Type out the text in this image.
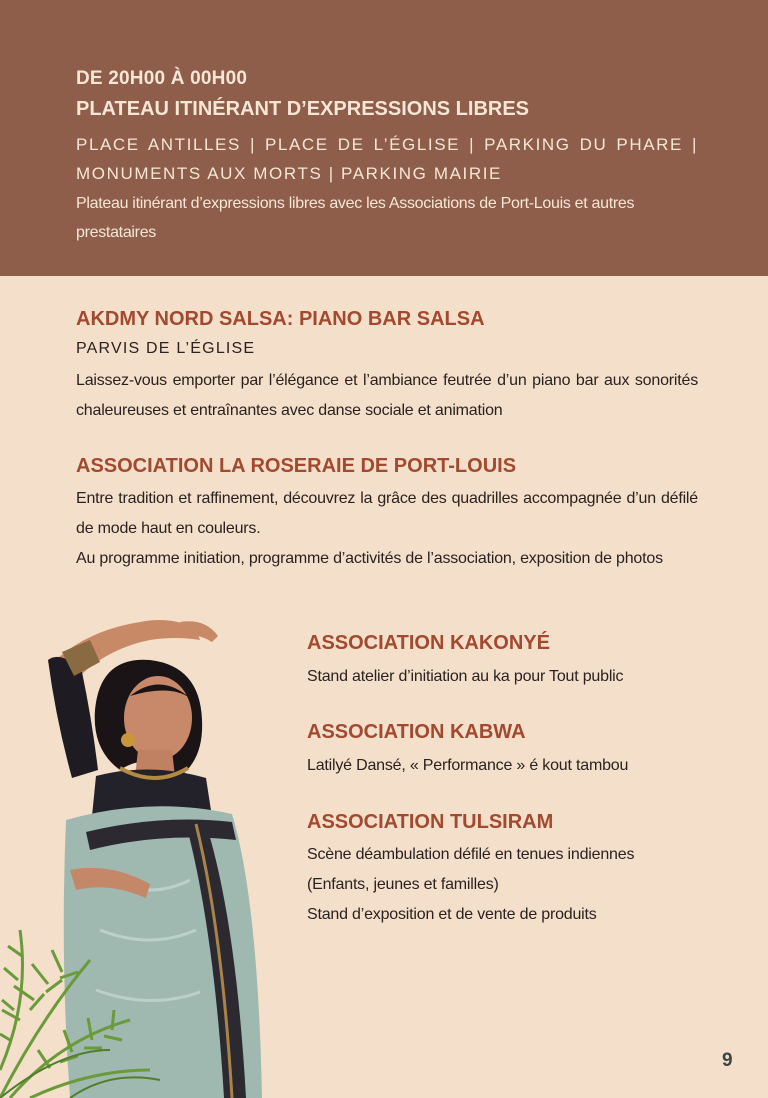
DE 20H00 À 00H00
PLATEAU ITINÉRANT D’EXPRESSIONS LIBRES
PLACE ANTILLES | PLACE DE L’ÉGLISE | PARKING DU PHARE | MONUMENTS AUX MORTS | PARKING MAIRIE
Plateau itinérant d’expressions libres avec les Associations de Port-Louis et autres prestataires
AKDMY NORD SALSA: PIANO BAR SALSA
PARVIS DE L’ÉGLISE
Laissez-vous emporter par l’élégance et l’ambiance feutrée d’un piano bar aux sonorités chaleureuses et entraînantes avec danse sociale et animation
ASSOCIATION LA ROSERAIE DE PORT-LOUIS
Entre tradition et raffinement, découvrez la grâce des quadrilles accompagnée d’un défilé de mode haut en couleurs.
Au programme initiation, programme d’activités de l’association, exposition de photos
ASSOCIATION KAKONYÉ
Stand atelier d’initiation au ka pour Tout public
ASSOCIATION KABWA
Latilyé Dansé, « Performance » é kout tambou
ASSOCIATION TULSIRAM
Scène déambulation défilé en tenues indiennes
(Enfants, jeunes et familles)
Stand d’exposition et de vente de produits
9
